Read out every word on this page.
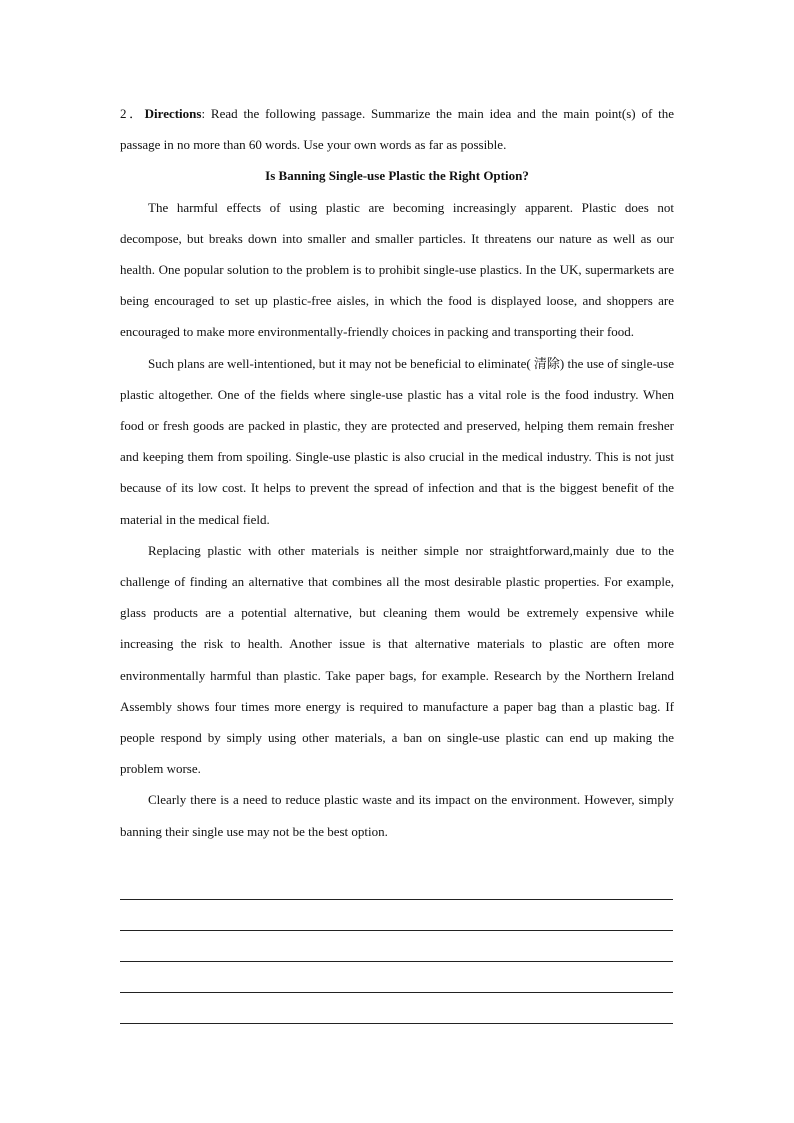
2．Directions: Read the following passage. Summarize the main idea and the main point(s) of the passage in no more than 60 words. Use your own words as far as possible.

Is Banning Single-use Plastic the Right Option?

The harmful effects of using plastic are becoming increasingly apparent. Plastic does not decompose, but breaks down into smaller and smaller particles. It threatens our nature as well as our health. One popular solution to the problem is to prohibit single-use plastics. In the UK, supermarkets are being encouraged to set up plastic-free aisles, in which the food is displayed loose, and shoppers are encouraged to make more environmentally-friendly choices in packing and transporting their food.

Such plans are well-intentioned, but it may not be beneficial to eliminate( 清除) the use of single-use plastic altogether. One of the fields where single-use plastic has a vital role is the food industry. When food or fresh goods are packed in plastic, they are protected and preserved, helping them remain fresher and keeping them from spoiling. Single-use plastic is also crucial in the medical industry. This is not just because of its low cost. It helps to prevent the spread of infection and that is the biggest benefit of the material in the medical field.

Replacing plastic with other materials is neither simple nor straightforward,mainly due to the challenge of finding an alternative that combines all the most desirable plastic properties. For example, glass products are a potential alternative, but cleaning them would be extremely expensive while increasing the risk to health. Another issue is that alternative materials to plastic are often more environmentally harmful than plastic. Take paper bags, for example. Research by the Northern Ireland Assembly shows four times more energy is required to manufacture a paper bag than a plastic bag. If people respond by simply using other materials, a ban on single-use plastic can end up making the problem worse.

Clearly there is a need to reduce plastic waste and its impact on the environment. However, simply banning their single use may not be the best option.
